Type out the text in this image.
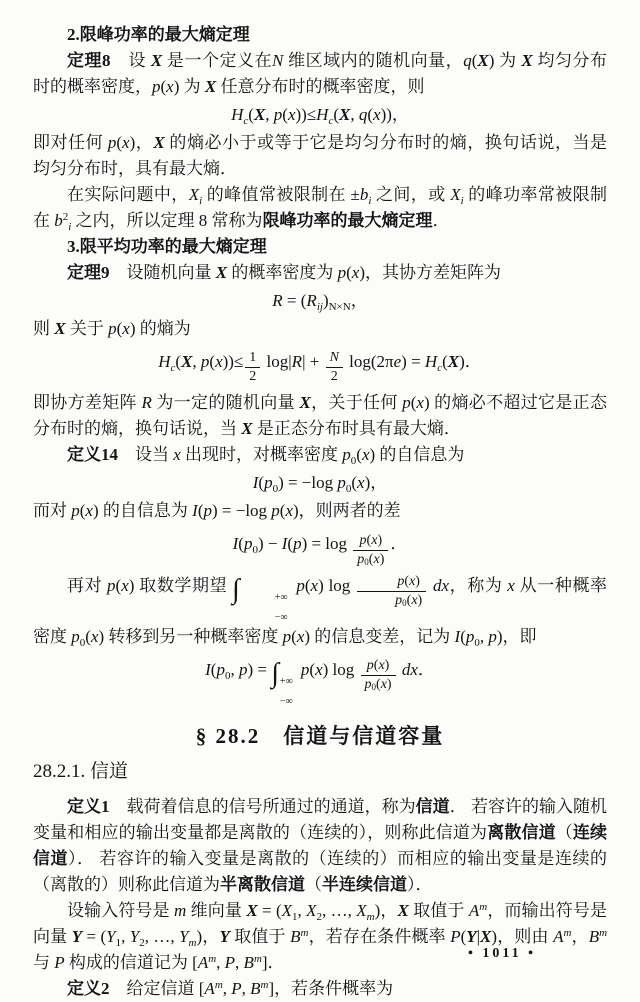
2.限峰功率的最大熵定理

定理8　设 X 是一个定义在N 维区域内的随机向量，q(X) 为 X 均匀分布时的概率密度，p(x) 为 X 任意分布时的概率密度，则

$H_c(X$, $p(x))\le H_c(X$, q(x))，

即对任何 p(x)，X 的熵必小于或等于它是均匀分布时的熵，换句话说，当是均匀分布时，具有最大熵．

在实际问题中，$X_i$ 的峰值常被限制在 $\pm b_i$ 之间，或 $X_i$ 的峰功率常被限制在 $b^2_i$ 之内，所以定理 8 常称为限峰功率的最大熵定理．

3.限平均功率的最大熵定理

定理9　设随机向量 X 的概率密度为 p(x)，其协方差矩阵为

$R = (R_{ij})_{N\times N}$，

则 X 关于 p(x) 的熵为

$H_c(X$, $p(x))\le \frac{1}{2} \log|R| + \frac{N}{2} \log(2\pi e) = H_c(X)$．

即协方差矩阵 R 为一定的随机向量 X，关于任何 p(x) 的熵必不超过它是正态分布时的熵，换句话说，当 X 是正态分布时具有最大熵．

定义14　设当 x 出现时，对概率密度 $p_0(x)$ 的自信息为

$I(p_0) = -\log$ $p_0(x)$，

而对 p(x) 的自信息为 I(p) = −log p(x)，则两者的差

$I(p_0) - I(p) = \log \frac{p(x)}{p_0(x)}$ ．

再对 p(x) 取数学期望 ∫	+∞
−∞
p(x) $\log \frac{p(x)}{p_0(x)}$ dx，称为 x 从一种概率密度 $p_0(x)$ 转移到另一种概率密度 p(x) 的信息变差，记为 $I(p_0$, p)，即

$I(p_0$, p) = ∫ +∞
−∞
p(x) $\log \frac{p(x)}{p_0(x)}$ dx．
§ 28.2　信道与信道容量
28.2.1. 信道

定义1　载荷着信息的信号所通过的通道，称为信道． 若容许的输入随机变量和相应的输出变量都是离散的（连续的），则称此信道为离散信道（连续信道）． 若容许的输入变量是离散的（连续的）而相应的输出变量是连续的（离散的）则称此信道为半离散信道（半连续信道）．

设输入符号是 m 维向量 $X = (X_1$, $X_2$, …, $X_m$)，X 取值于 $A^m$，而输出符号是向量 $Y = (Y_1$, $Y_2$, …, $Y_m$)，Y 取值于 $B^m$，若存在条件概率 P(Y|X)，则由 $A^m$，$B^m$ 与 P 构成的信道记为 [$A^m$, P, $B^m$]．

定义2　给定信道 [$A^m$, P, $B^m$]，若条件概率为

• 1011 •
